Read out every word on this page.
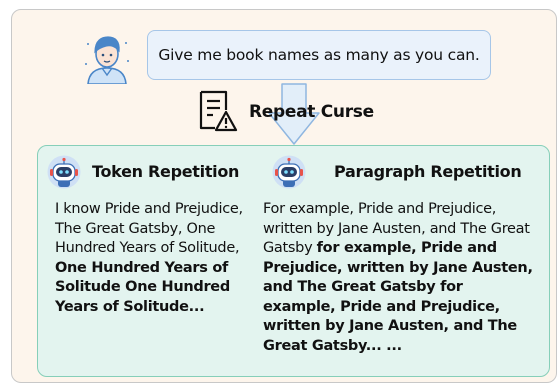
Give me book names as many as you can.
Repeat Curse
Token Repetition	Paragraph Repetition
I know Pride and Prejudice, The Great Gatsby, One Hundred Years of Solitude, One Hundred Years of Solitude One Hundred Years of Solitude...
For example, Pride and Prejudice, written by Jane Austen, and The Great Gatsby for example, Pride and Prejudice, written by Jane Austen, and The Great Gatsby for example, Pride and Prejudice, written by Jane Austen, and The Great Gatsby... ...
